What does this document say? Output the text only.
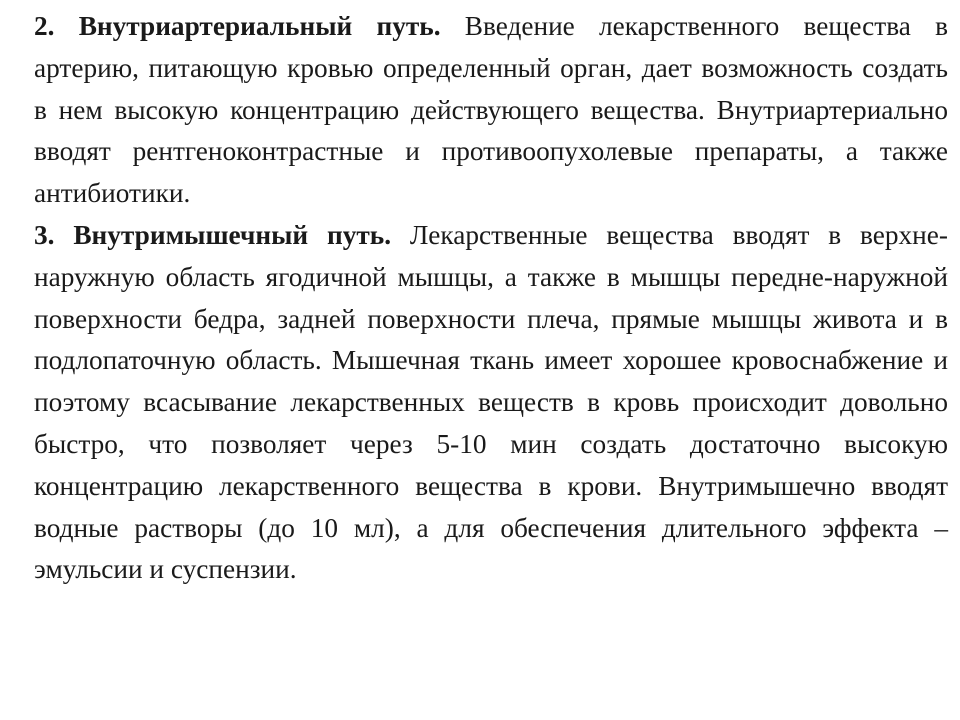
2. Внутриартериальный путь. Введение лекарственного вещества в артерию, питающую кровью определенный орган, дает возможность создать в нем высокую концентрацию действующего вещества. Внутриартериально вводят рентгеноконтрастные и противоопухолевые препараты, а также антибиотики.

3. Внутримышечный путь. Лекарственные вещества вводят в верхне-наружную область ягодичной мышцы, а также в мышцы передне-наружной поверхности бедра, задней поверхности плеча, прямые мышцы живота и в подлопаточную область. Мышечная ткань имеет хорошее кровоснабжение и поэтому всасывание лекарственных веществ в кровь происходит довольно быстро, что позволяет через 5-10 мин создать достаточно высокую концентрацию лекарственного вещества в крови. Внутримышечно вводят водные растворы (до 10 мл), а для обеспечения длительного эффекта – эмульсии и суспензии.
